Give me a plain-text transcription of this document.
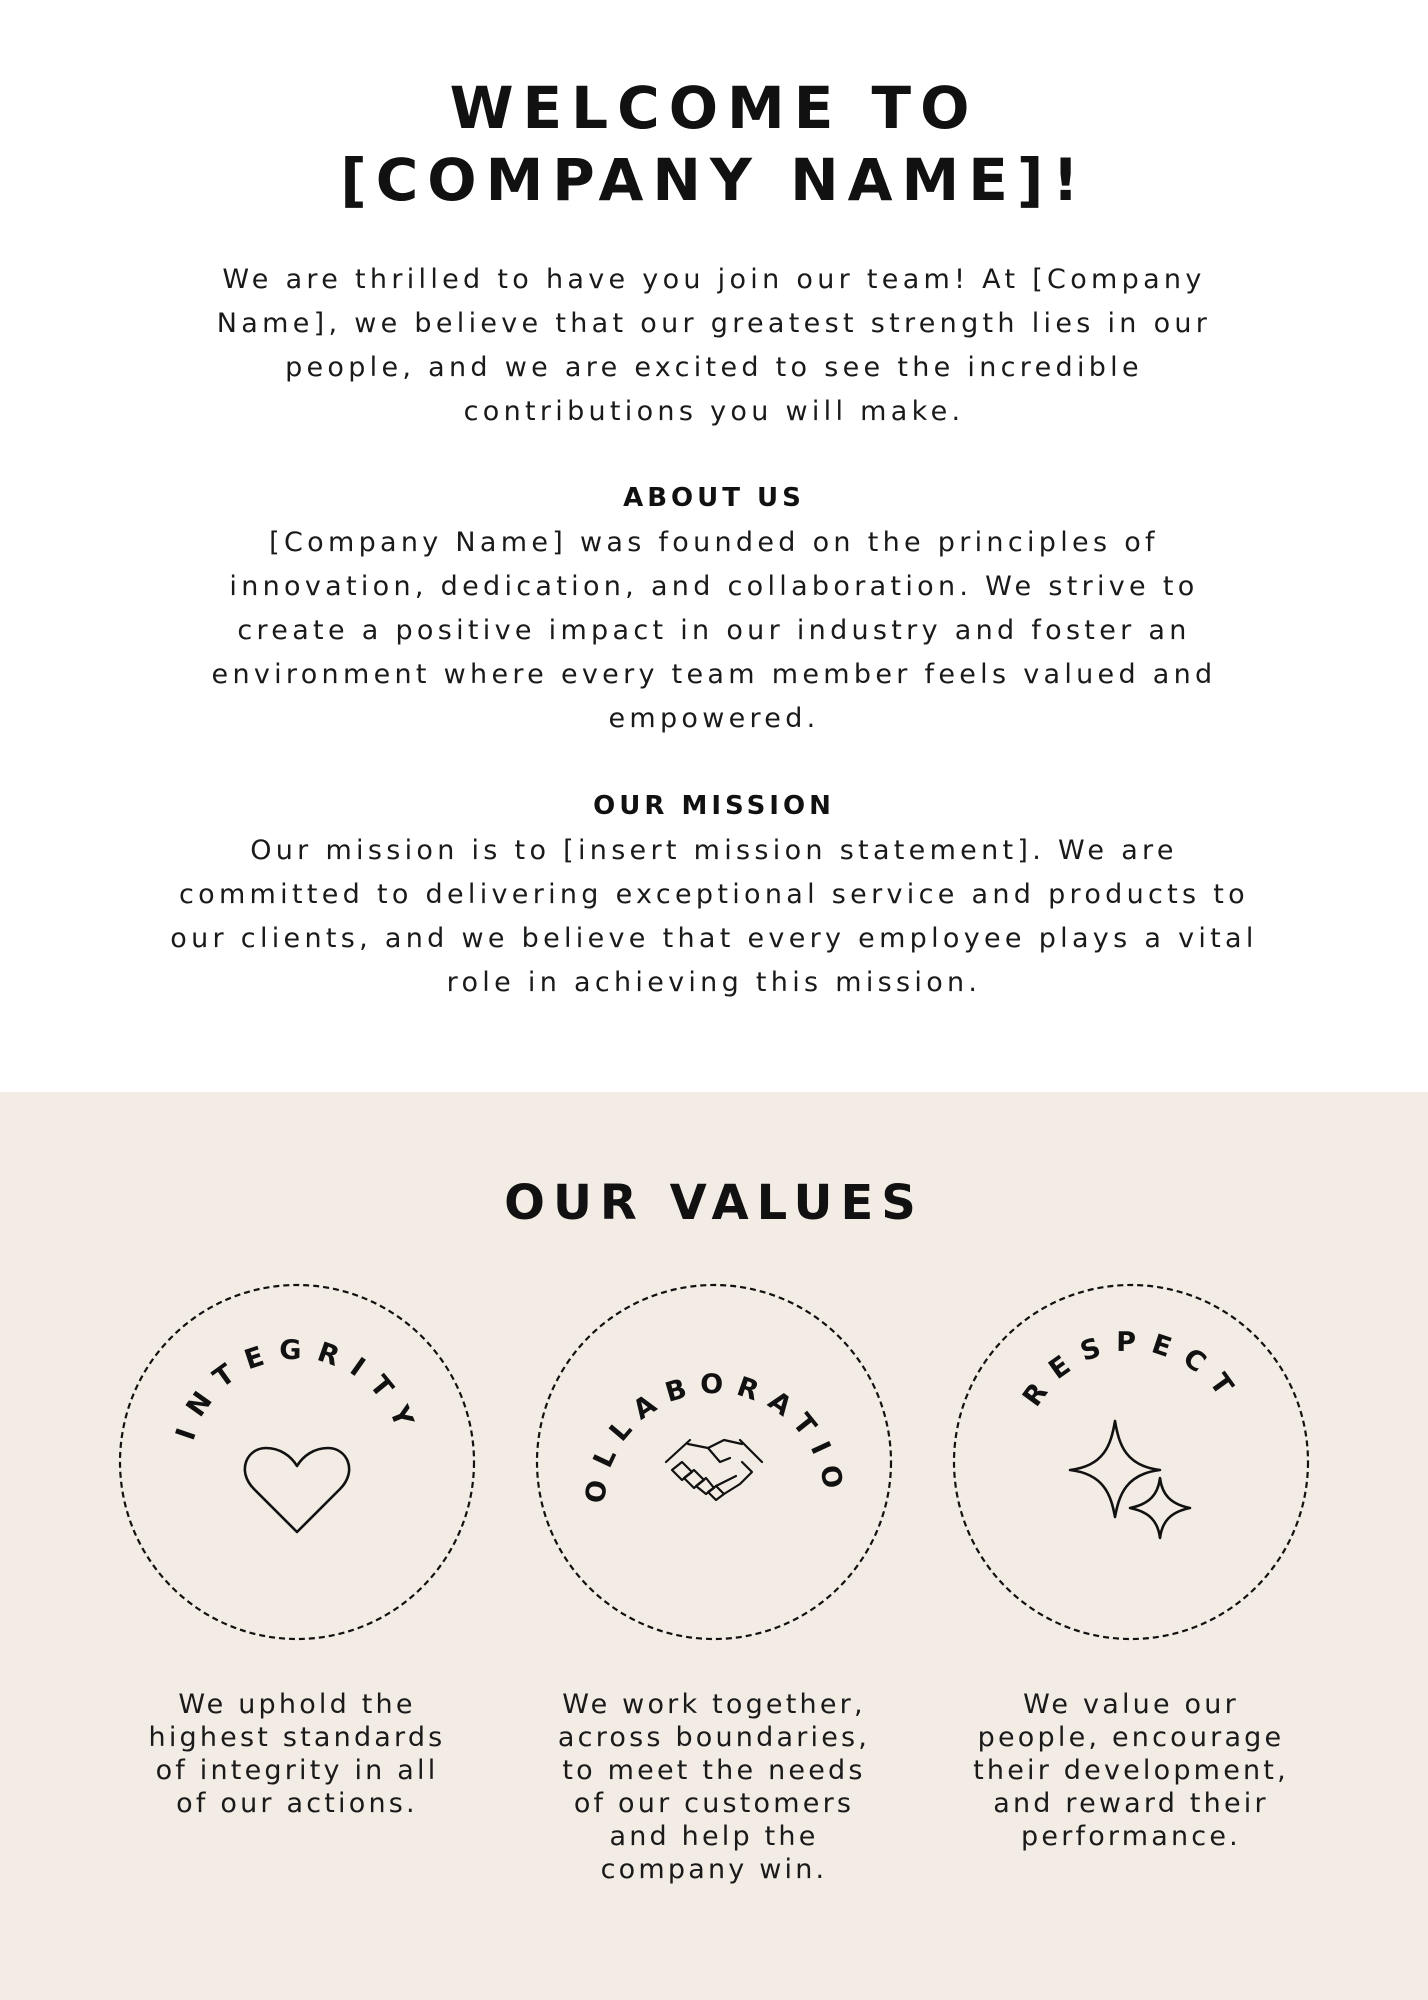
WELCOME TO
[COMPANY NAME]!
We are thrilled to have you join our team! At [Company
Name], we believe that our greatest strength lies in our
people, and we are excited to see the incredible
contributions you will make.
ABOUT US
[Company Name] was founded on the principles of
innovation, dedication, and collaboration. We strive to
create a positive impact in our industry and foster an
environment where every team member feels valued and
empowered.
OUR MISSION
Our mission is to [insert mission statement]. We are
committed to delivering exceptional service and products to
our clients, and we believe that every employee plays a vital
role in achieving this mission.
OUR VALUES
INTEGRITY
OLLABORATIO
RESPECT
We uphold the
highest standards
of integrity in all
of our actions.
We work together,
across boundaries,
to meet the needs
of our customers
and help the
company win.
We value our
people, encourage
their development,
and reward their
performance.
